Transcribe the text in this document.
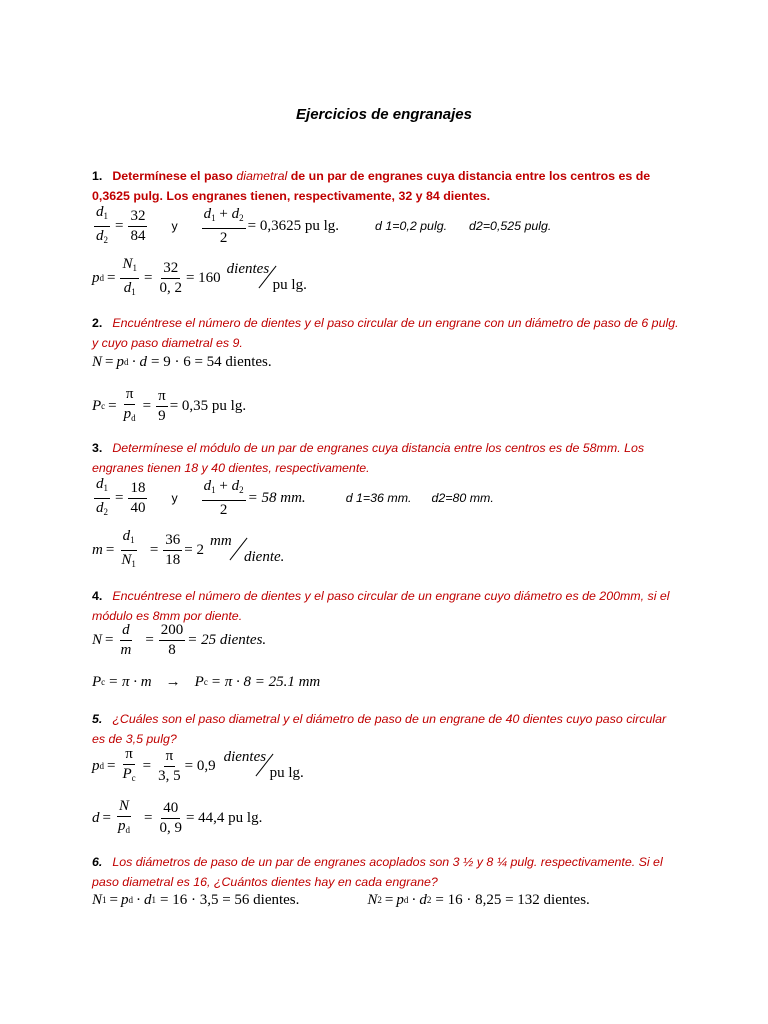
Ejercicios de engranajes
1. Determínese el paso diametral de un par de engranes cuya distancia entre los centros es de 0,3625 pulg. Los engranes tienen, respectivamente, 32 y 84 dientes.
$\frac{d_1}{d_2} = \frac{32}{84}$ y $\frac{d_1 + d_2}{2} = 0,3625$ pu lg.	d 1=0,2 pulg. d2=0,525 pulg.
p $d = \frac{N_1}{d_1} = \frac{32}{0, 2} = 160$
dientes
pu lg.
2. Encuéntrese el número de dientes y el paso circular de un engrane con un diámetro de paso de 6 pulg. y cuyo paso diametral es 9.
N = p d · d = 9 · 6 = 54 dientes.
P $c = \frac{\pi}{p_d} = \frac{\pi}{9} = 0,35$ pu lg.
3. Determínese el módulo de un par de engranes cuya distancia entre los centros es de 58mm. Los engranes tienen 18 y 40 dientes, respectivamente.
$\frac{d_1}{d_2} = \frac{18}{40}$ y $\frac{d_1 + d_2}{2} = 58$ mm.	d 1=36 mm. d2=80 mm.
$m = \frac{d_1}{N_1} = \frac{36}{18} = 2$
mm
diente.
4. Encuéntrese el número de dientes y el paso circular de un engrane cuyo diámetro es de 200mm, si el módulo es 8mm por diente.
$N = \frac{d}{m} = \frac{200}{8} = 25$ dientes.
P c = π · m → P c = π · 8 = 25.1 mm
5. ¿Cuáles son el paso diametral y el diámetro de paso de un engrane de 40 dientes cuyo paso circular es de 3,5 pulg?
p $d = \frac{\pi}{P_c} = \frac{\pi}{3, 5} = 0,9$
dientes
pu lg.
$d = \frac{N}{p_d} = \frac{40}{0, 9} = 44,4$ pu lg.
6. Los diámetros de paso de un par de engranes acoplados son 3 ½ y 8 ¼ pulg. respectivamente. Si el paso diametral es 16, ¿Cuántos dientes hay en cada engrane?
N 1 = p d · d 1 = 16 · 3,5 = 56 dientes.	N 2 = p d · d 2 = 16 · 8,25 = 132 dientes.
